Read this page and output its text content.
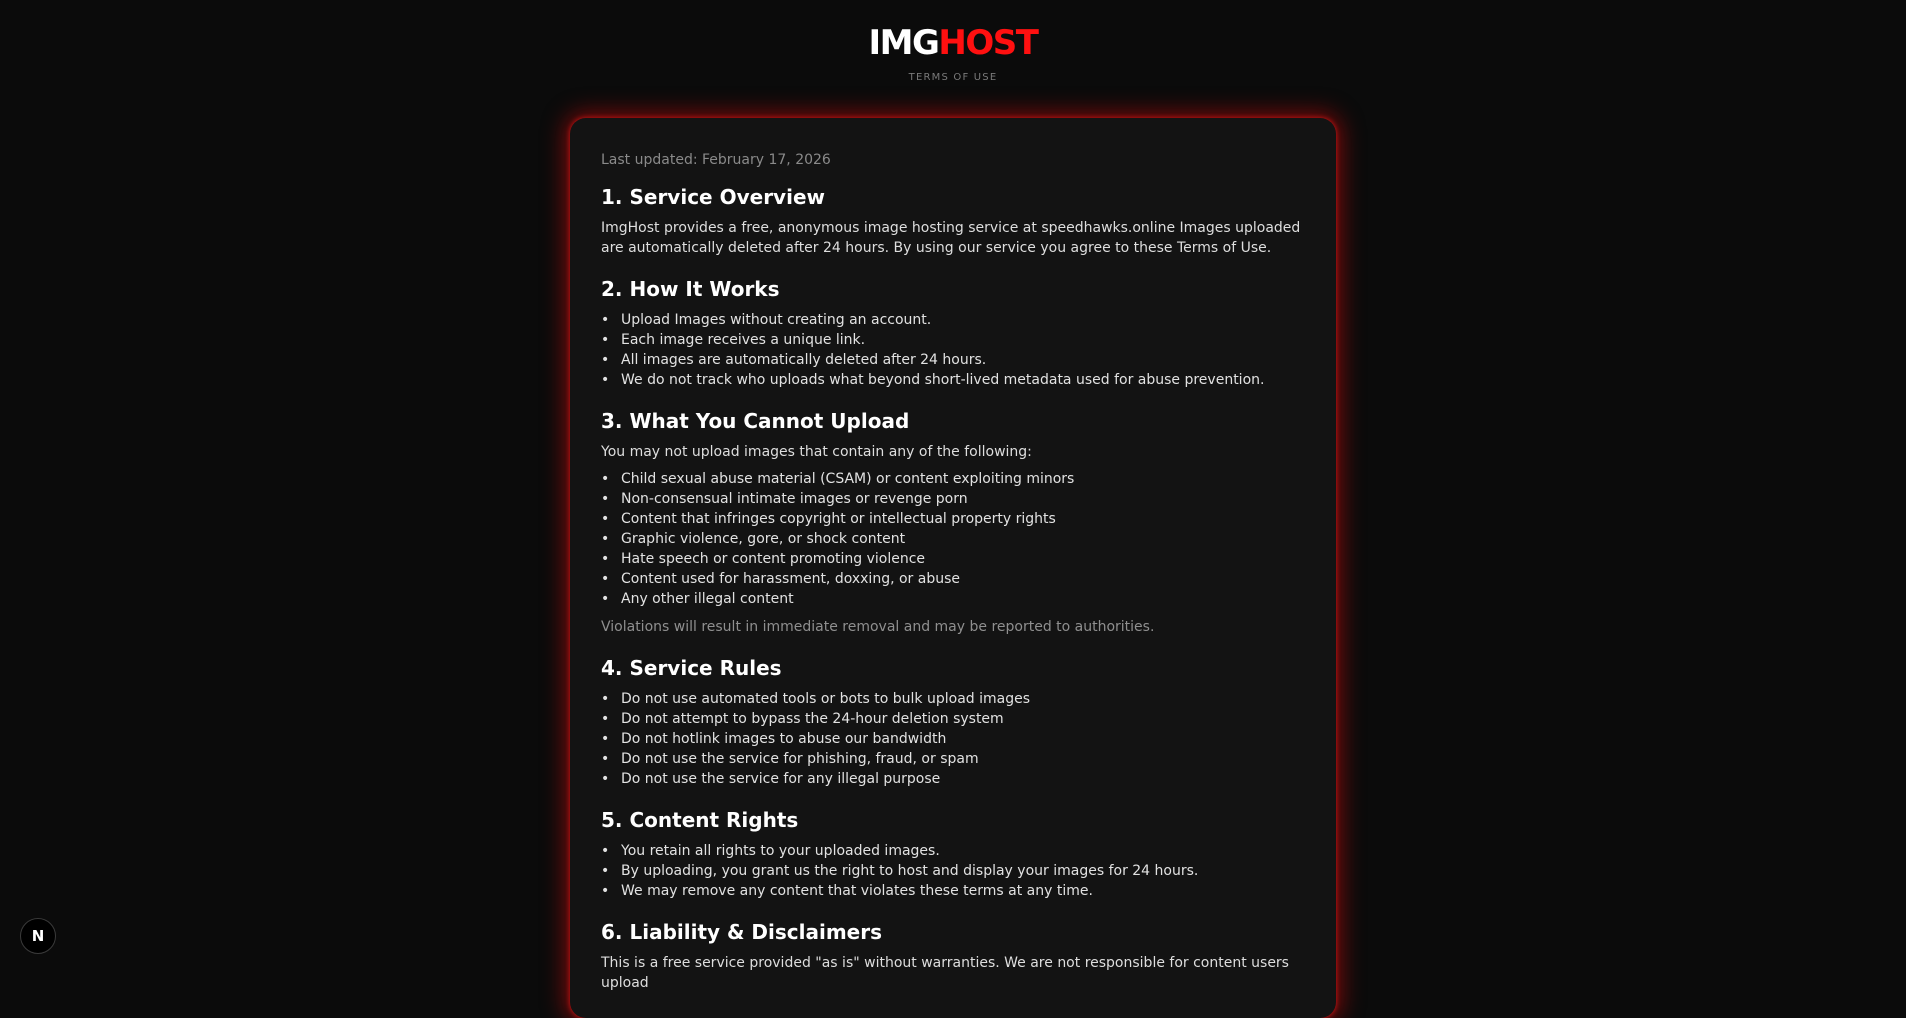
IMGHOST
TERMS OF USE
Last updated: February 17, 2026
1. Service Overview

ImgHost provides a free, anonymous image hosting service at speedhawks.online Images uploaded are automatically deleted after 24 hours. By using our service you agree to these Terms of Use.

2. How It Works
• Upload Images without creating an account.
• Each image receives a unique link.
• All images are automatically deleted after 24 hours.
• We do not track who uploads what beyond short-lived metadata used for abuse prevention.
3. What You Cannot Upload

You may not upload images that contain any of the following:

• Child sexual abuse material (CSAM) or content exploiting minors
• Non-consensual intimate images or revenge porn
• Content that infringes copyright or intellectual property rights
• Graphic violence, gore, or shock content
• Hate speech or content promoting violence
• Content used for harassment, doxxing, or abuse
• Any other illegal content

Violations will result in immediate removal and may be reported to authorities.

4. Service Rules
• Do not use automated tools or bots to bulk upload images
• Do not attempt to bypass the 24-hour deletion system
• Do not hotlink images to abuse our bandwidth
• Do not use the service for phishing, fraud, or spam
• Do not use the service for any illegal purpose
5. Content Rights
• You retain all rights to your uploaded images.
• By uploading, you grant us the right to host and display your images for 24 hours.
• We may remove any content that violates these terms at any time.
6. Liability & Disclaimers

This is a free service provided "as is" without warranties. We are not responsible for content users upload

N
